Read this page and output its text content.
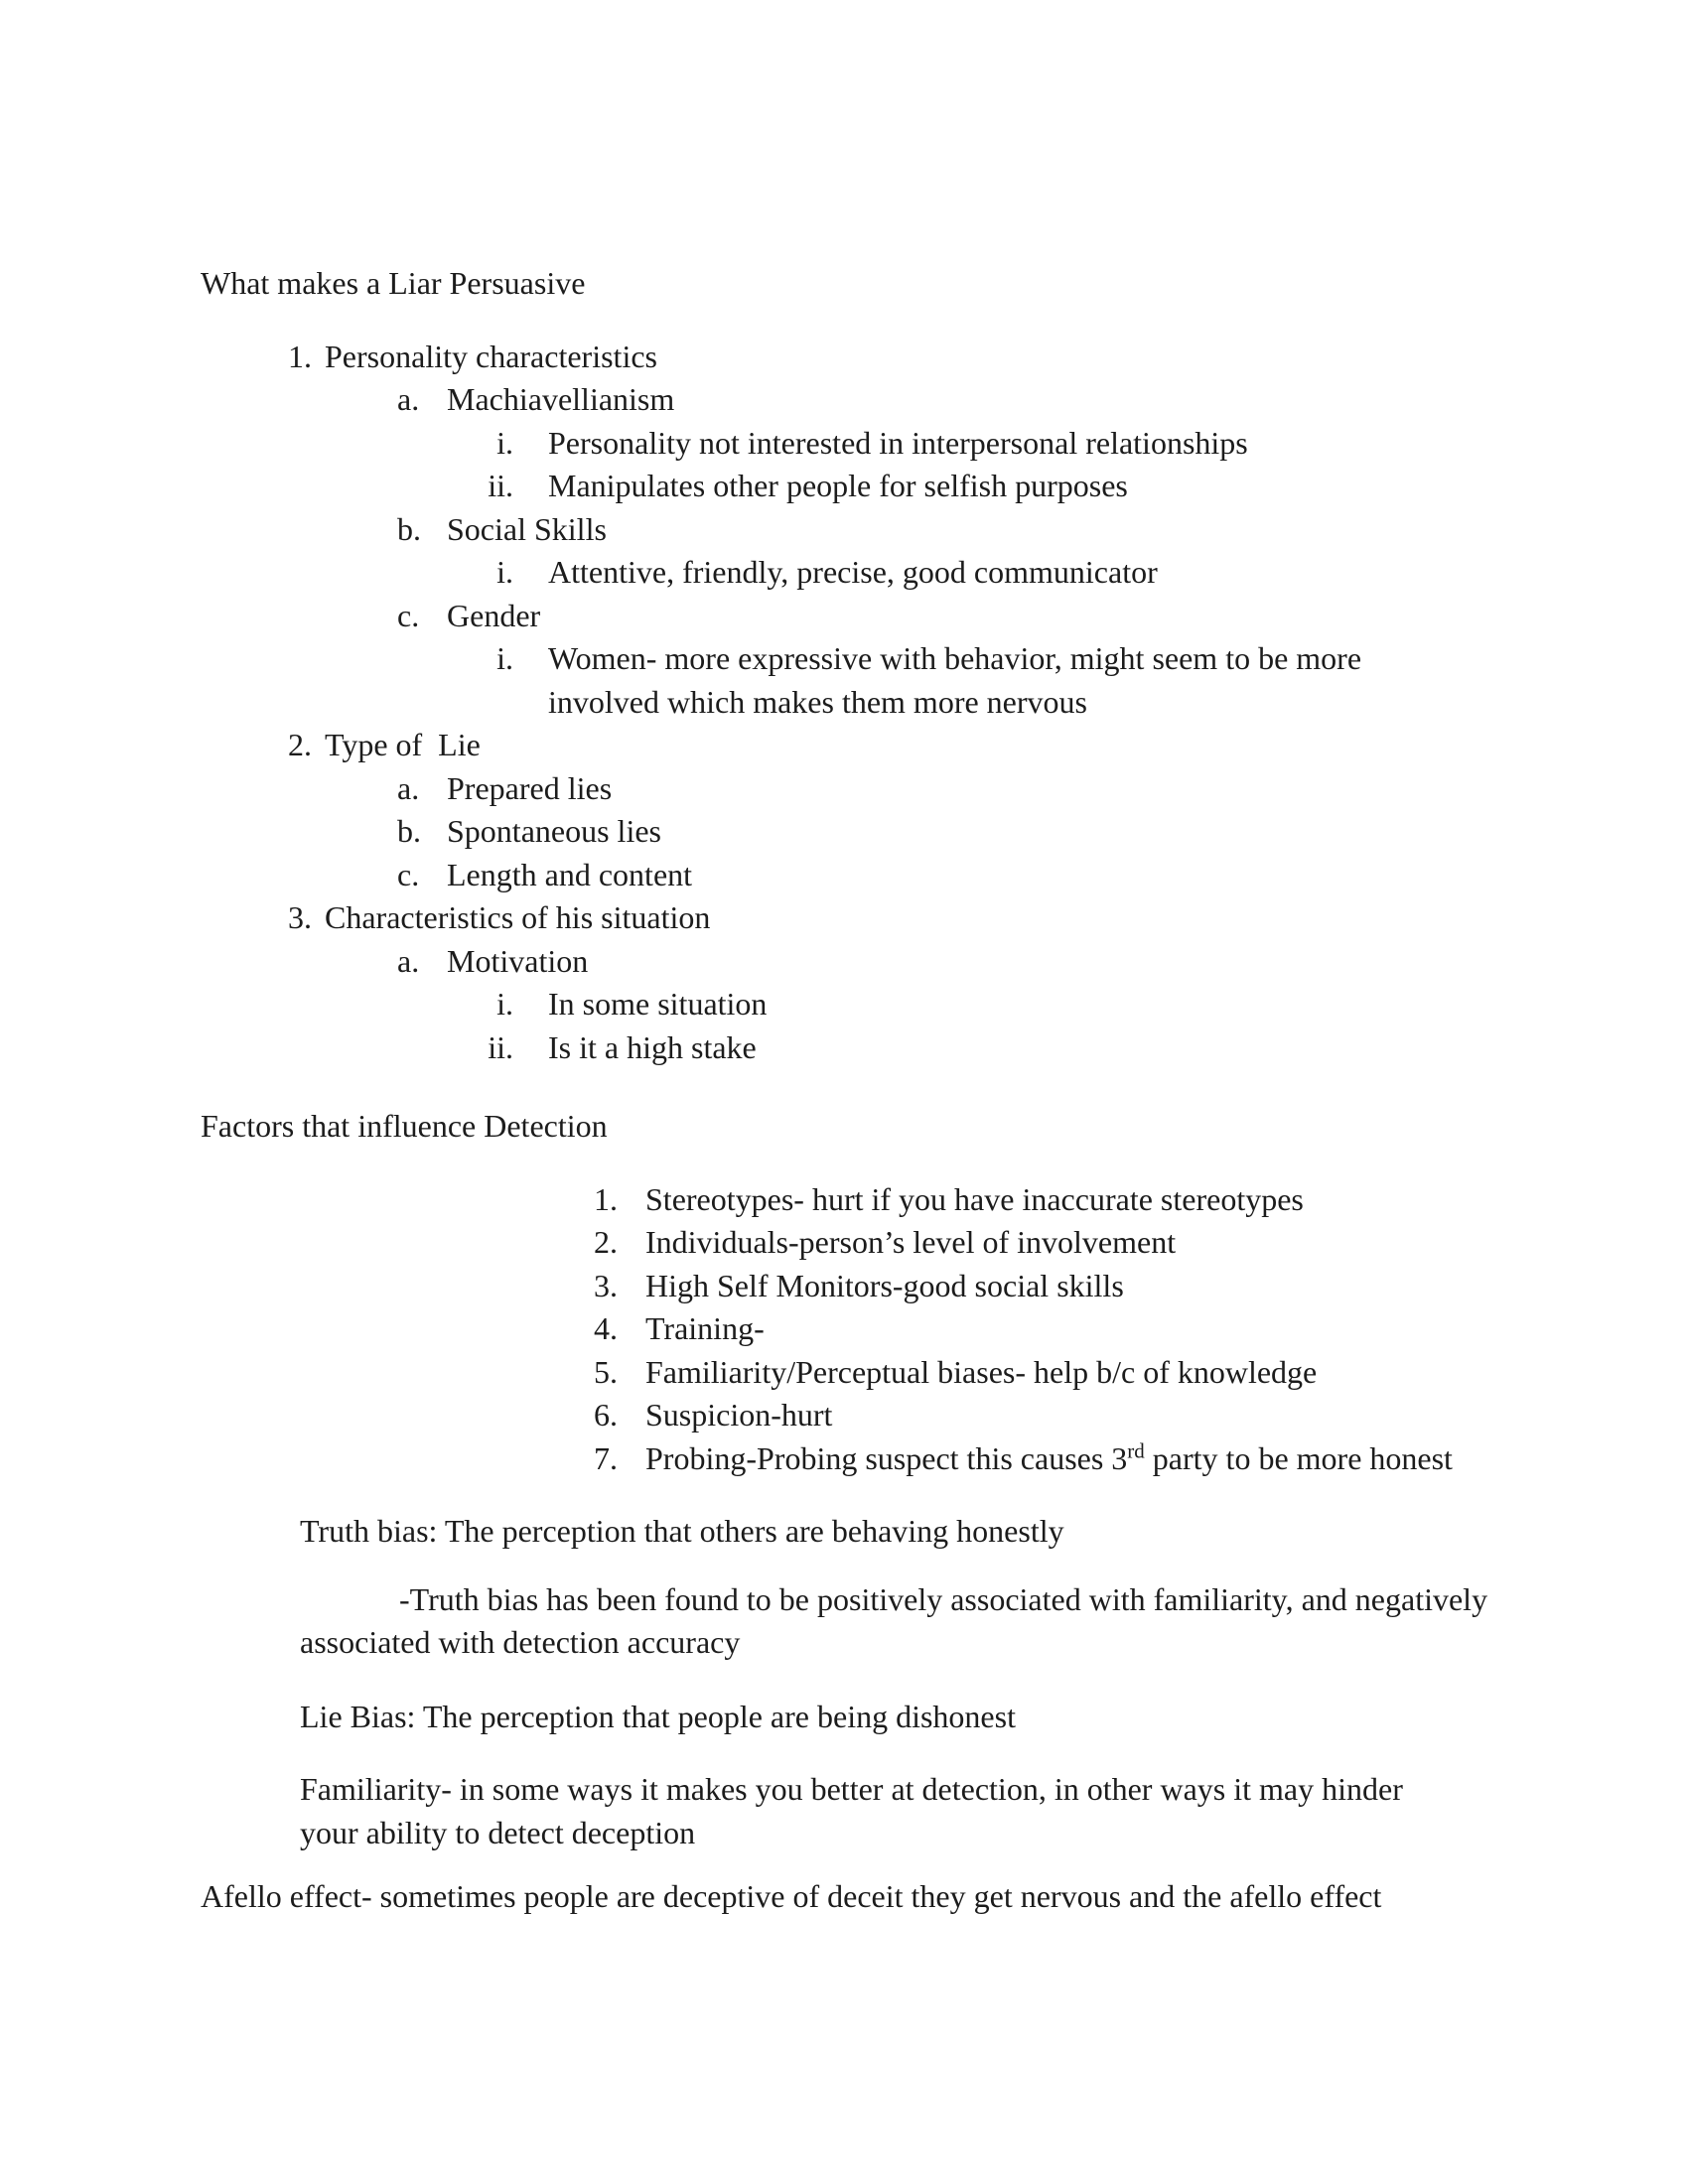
What makes a Liar Persuasive
1. Personality characteristics
a. Machiavellianism
i.	Personality not interested in interpersonal relationships
ii.	Manipulates other people for selfish purposes
b. Social Skills
i.	Attentive, friendly, precise, good communicator
c. Gender
i.	Women- more expressive with behavior, might seem to be more involved which makes them more nervous
2. Type of  Lie
a. Prepared lies
b. Spontaneous lies
c. Length and content
3. Characteristics of his situation
a. Motivation
i.	In some situation
ii.	Is it a high stake
Factors that influence Detection
1. Stereotypes- hurt if you have inaccurate stereotypes
2. Individuals-person’s level of involvement
3. High Self Monitors-good social skills
4. Training-
5. Familiarity/Perceptual biases- help b/c of knowledge
6. Suspicion-hurt
7. Probing-Probing suspect this causes 3rd party to be more honest
Truth bias: The perception that others are behaving honestly
-Truth bias has been found to be positively associated with familiarity, and negatively associated with detection accuracy
Lie Bias: The perception that people are being dishonest
Familiarity- in some ways it makes you better at detection, in other ways it may hinder your ability to detect deception
Afello effect- sometimes people are deceptive of deceit they get nervous and the afello effect
